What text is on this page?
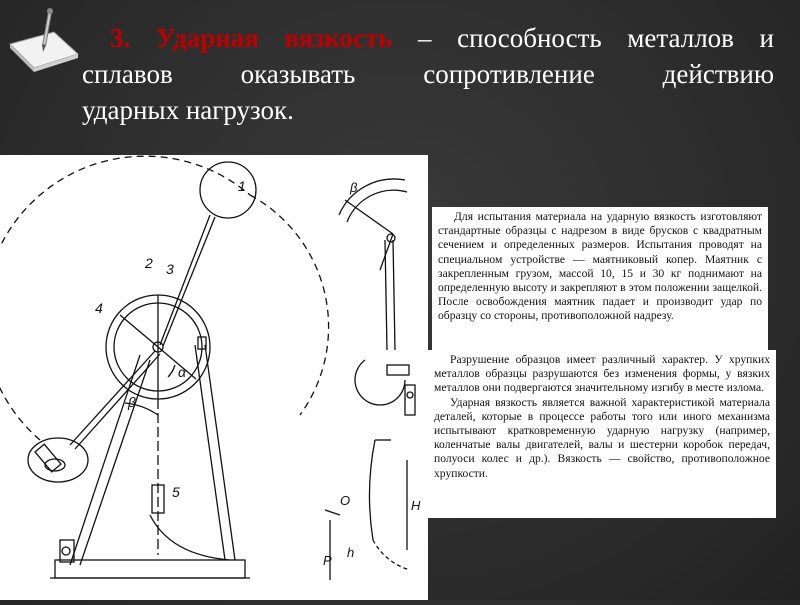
3. Ударная вязкость – способность металлов и
сплавов оказывать сопротивление действию
ударных нагрузок.
1
2 3
4
5
α
β
β
O	H
P
h

Для испытания материала на ударную вязкость изготовляют стандартные образцы с надрезом в виде брусков с квадратным сечением и определенных размеров. Испытания проводят на специальном устройстве — маятниковый копер. Маятник с закрепленным грузом, массой 10, 15 и 30 кг поднимают на определенную высоту и закрепляют в этом положении защелкой. После освобождения маятник падает и производит удар по образцу со стороны, противоположной надрезу.

Разрушение образцов имеет различный характер. У хрупких металлов образцы разрушаются без изменения формы, у вязких металлов они подвергаются значительному изгибу в месте излома.

Ударная вязкость является важной характеристикой материала деталей, которые в процессе работы того или иного механизма испытывают кратковременную ударную нагрузку (например, коленчатые валы двигателей, валы и шестерни коробок передач, полуоси колес и др.). Вязкость — свойство, противоположное хрупкости.
